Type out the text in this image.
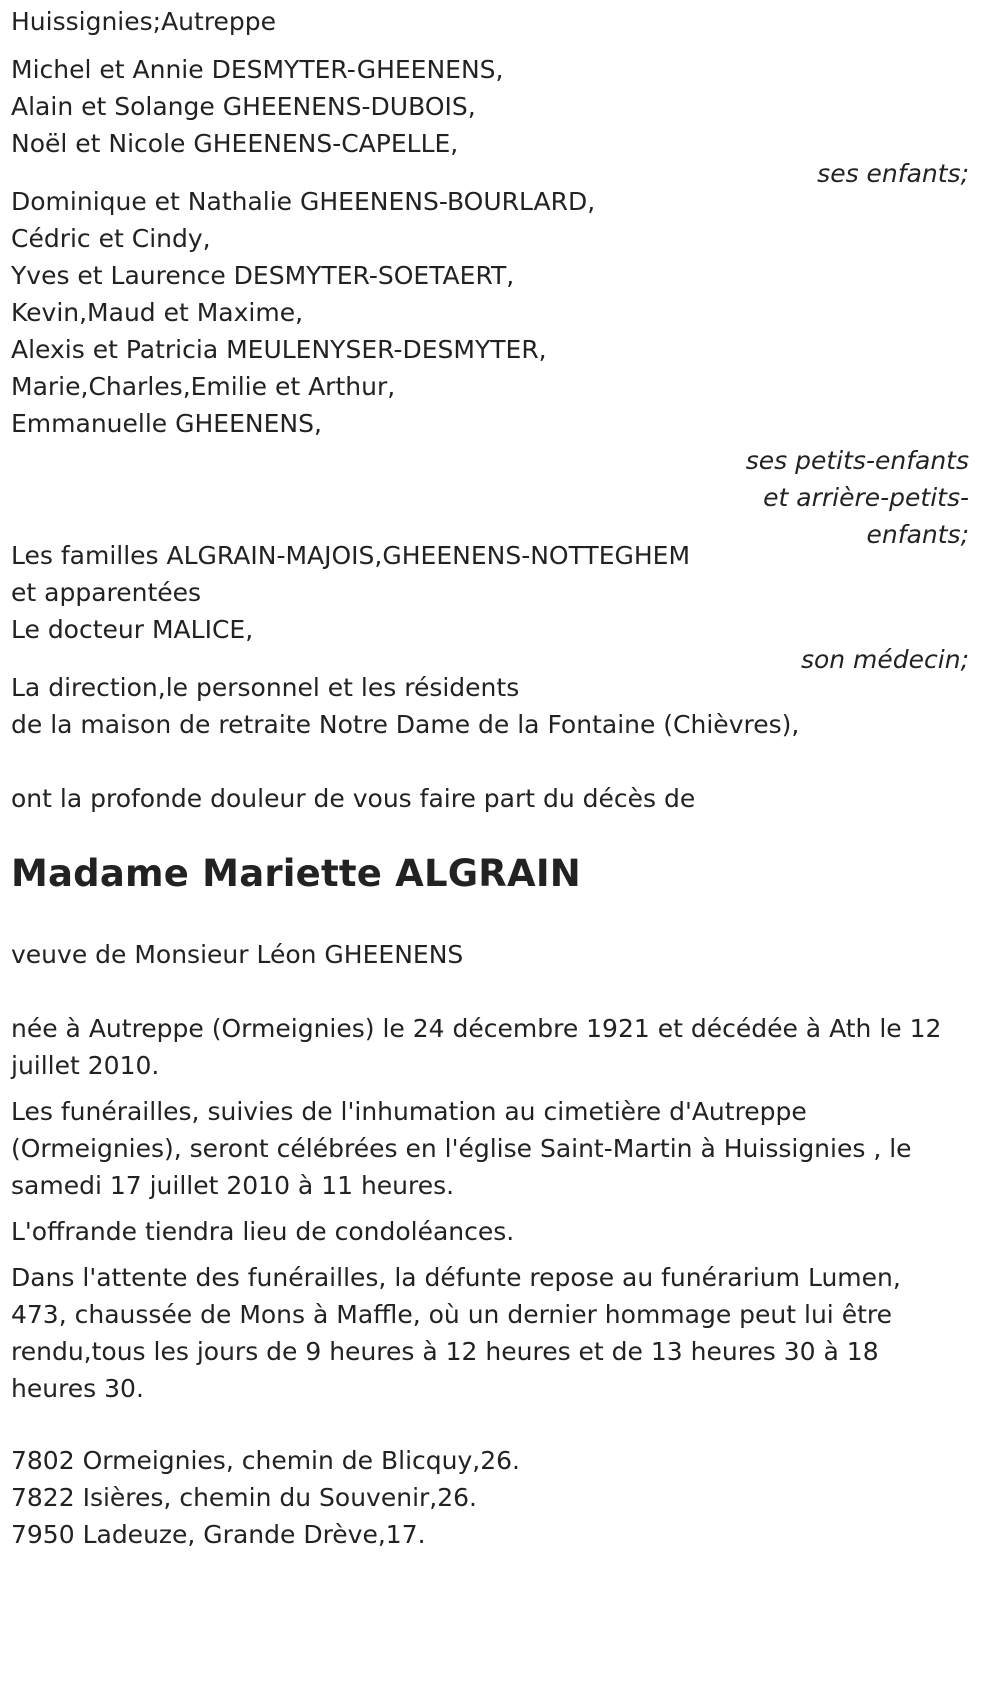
Huissignies;Autreppe
Michel et Annie DESMYTER-GHEENENS,
Alain et Solange GHEENENS-DUBOIS,
Noël et Nicole GHEENENS-CAPELLE,
ses enfants;
Dominique et Nathalie GHEENENS-BOURLARD,
Cédric et Cindy,
Yves et Laurence DESMYTER-SOETAERT,
Kevin,Maud et Maxime,
Alexis et Patricia MEULENYSER-DESMYTER,
Marie,Charles,Emilie et Arthur,
Emmanuelle GHEENENS,
ses petits-enfants
et arrière-petits-
enfants;
Les familles ALGRAIN-MAJOIS,GHEENENS-NOTTEGHEM
et apparentées
Le docteur MALICE,
son médecin;
La direction,le personnel et les résidents
de la maison de retraite Notre Dame de la Fontaine (Chièvres),
ont la profonde douleur de vous faire part du décès de
Madame Mariette ALGRAIN
veuve de Monsieur Léon GHEENENS
née à Autreppe (Ormeignies) le 24 décembre 1921 et décédée à Ath le 12 juillet 2010.
Les funérailles, suivies de l'inhumation au cimetière d'Autreppe (Ormeignies), seront célébrées en l'église Saint-Martin à Huissignies , le samedi 17 juillet 2010 à 11 heures.
L'offrande tiendra lieu de condoléances.
Dans l'attente des funérailles, la défunte repose au funérarium Lumen, 473, chaussée de Mons à Maffle, où un dernier hommage peut lui être rendu,tous les jours de 9 heures à 12 heures et de 13 heures 30 à 18 heures 30.
7802 Ormeignies, chemin de Blicquy,26.
7822 Isières, chemin du Souvenir,26.
7950 Ladeuze, Grande Drève,17.
